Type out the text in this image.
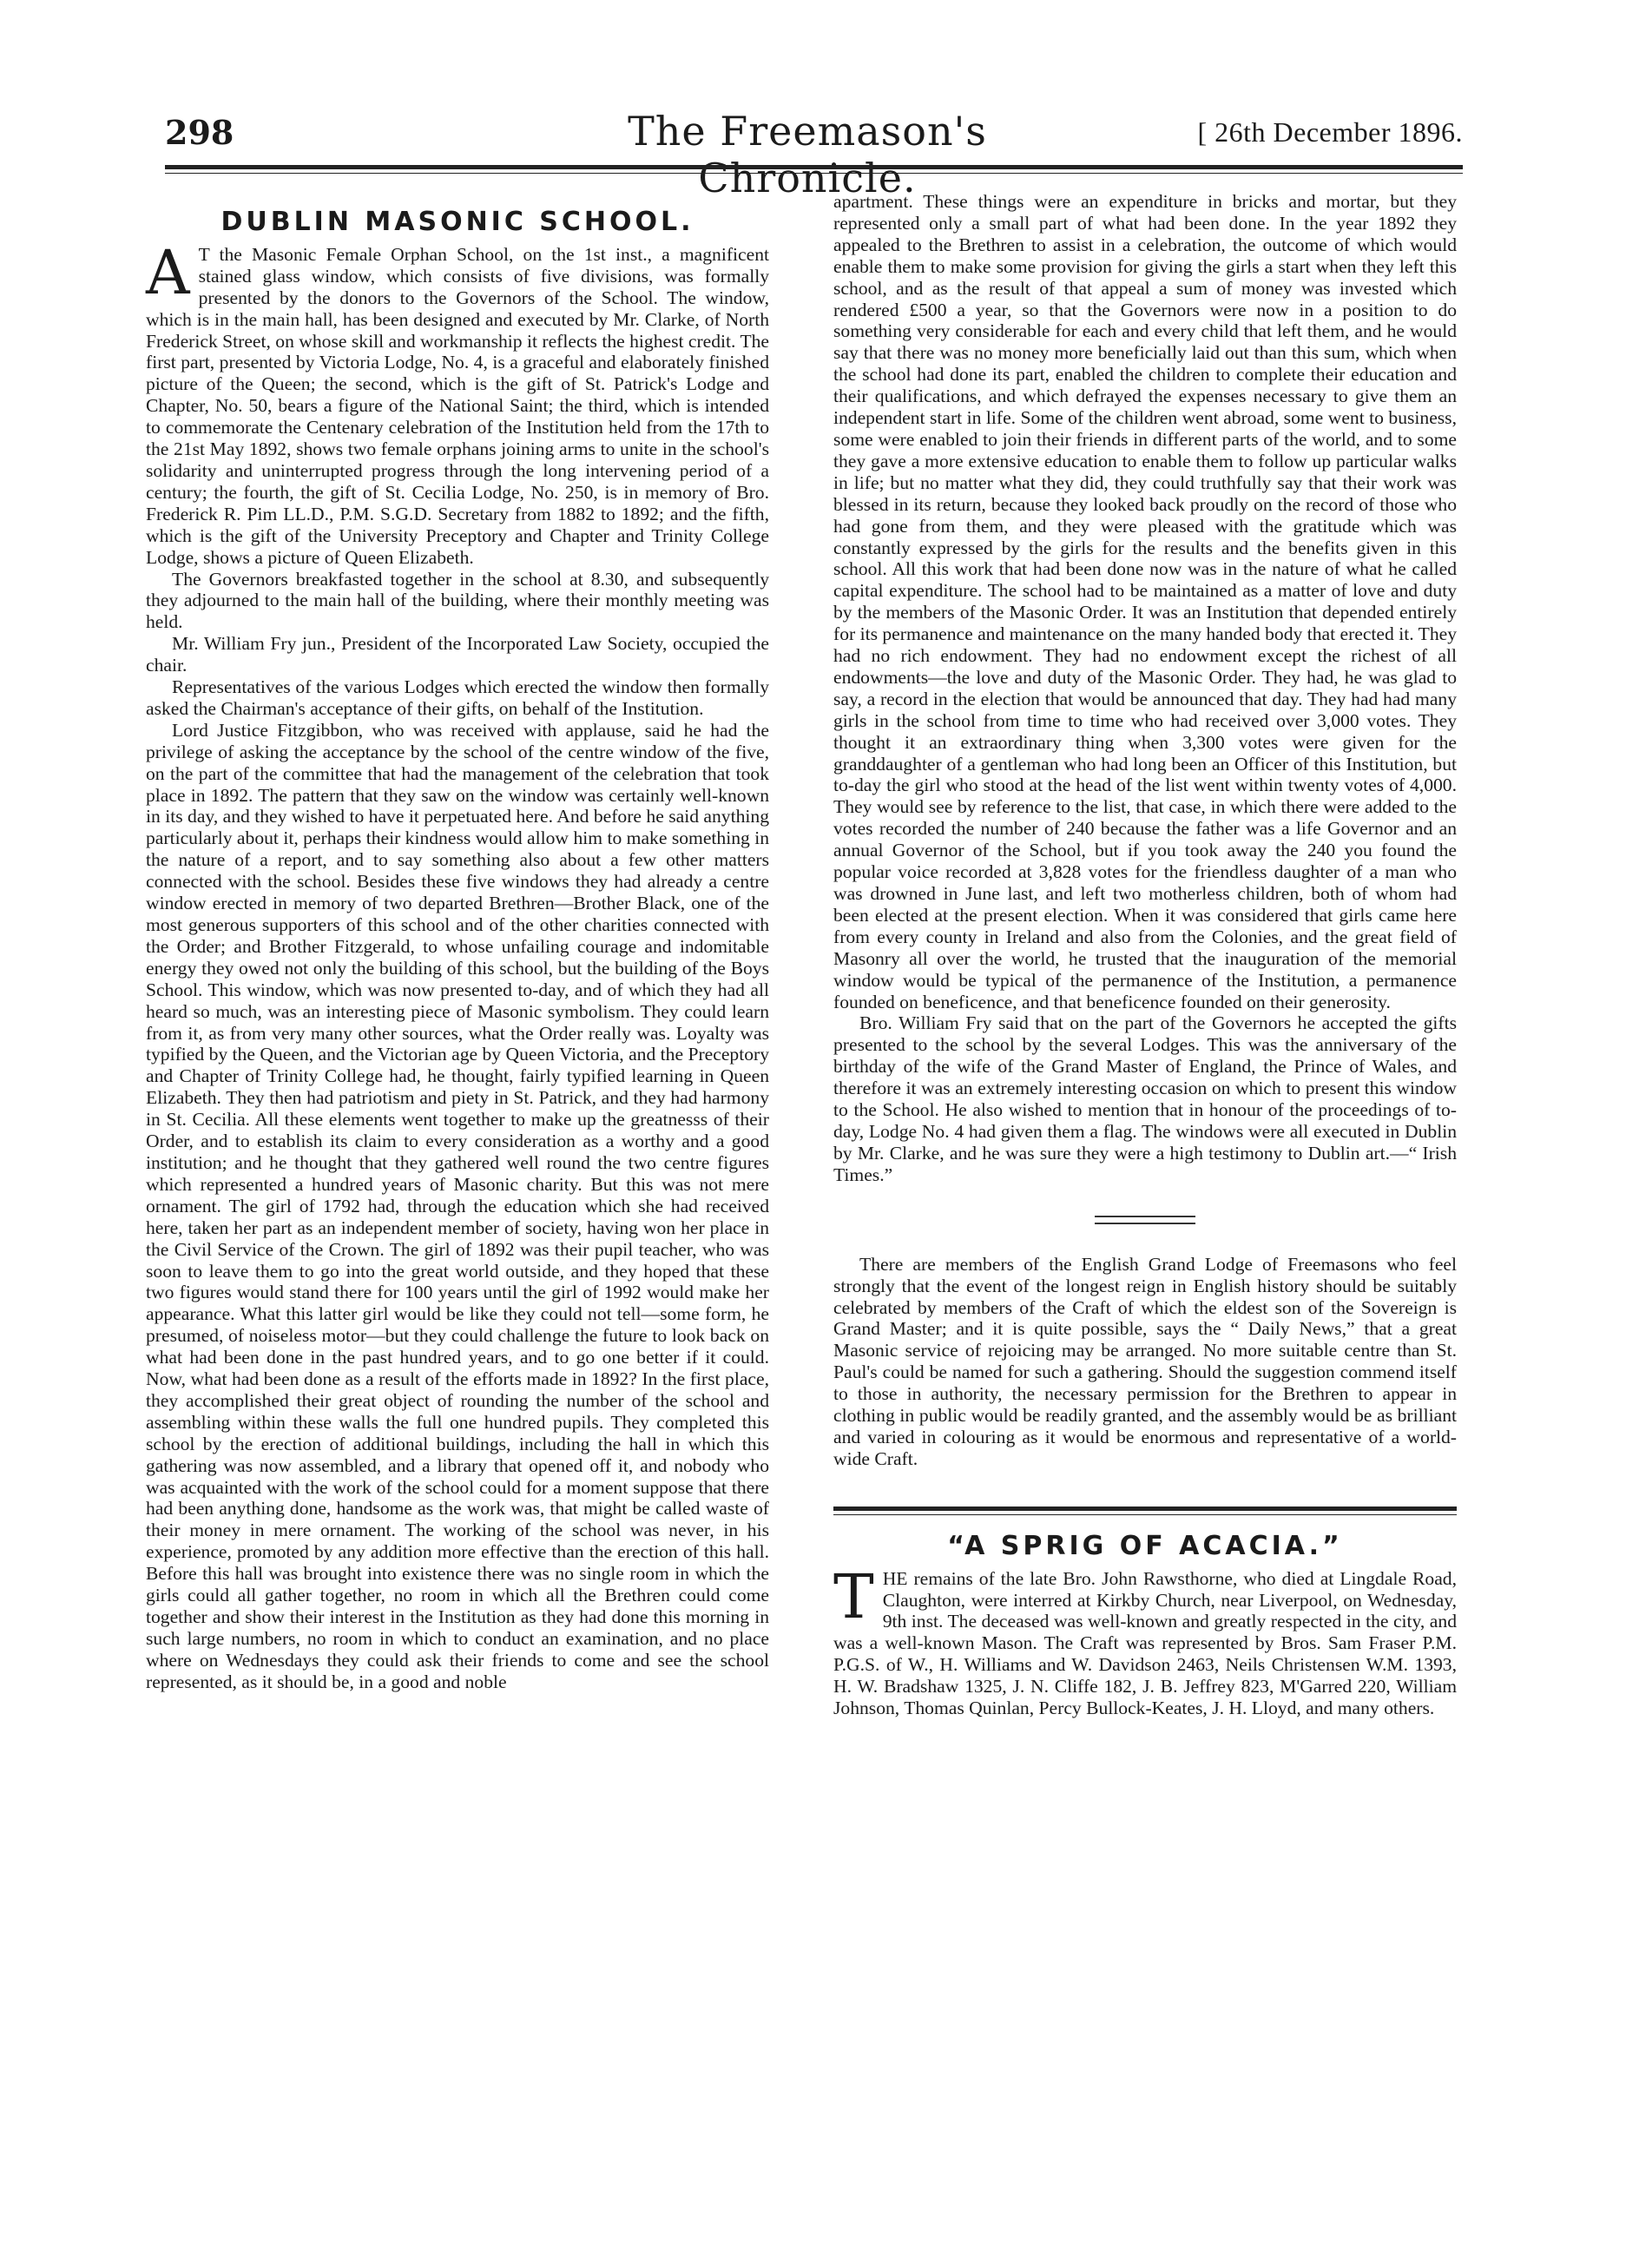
298	The Freemason's Chronicle.
[ 26th December 1896.
DUBLIN MASONIC SCHOOL.

A T the Masonic Female Orphan School, on the 1st inst., a magnificent stained glass window, which consists of five divisions, was formally presented by the donors to the Governors of the School. The window, which is in the main hall, has been designed and executed by Mr. Clarke, of North Frederick Street, on whose skill and workmanship it reflects the highest credit. The first part, presented by Victoria Lodge, No. 4, is a graceful and elaborately finished picture of the Queen; the second, which is the gift of St. Patrick's Lodge and Chapter, No. 50, bears a figure of the National Saint; the third, which is intended to commemorate the Centenary celebration of the Institution held from the 17th to the 21st May 1892, shows two female orphans joining arms to unite in the school's solidarity and uninterrupted progress through the long intervening period of a century; the fourth, the gift of St. Cecilia Lodge, No. 250, is in memory of Bro. Frederick R. Pim LL.D., P.M. S.G.D. Secretary from 1882 to 1892; and the fifth, which is the gift of the University Preceptory and Chapter and Trinity College Lodge, shows a picture of Queen Elizabeth.

The Governors breakfasted together in the school at 8.30, and subsequently they adjourned to the main hall of the building, where their monthly meeting was held.

Mr. William Fry jun., President of the Incorporated Law Society, occupied the chair.

Representatives of the various Lodges which erected the window then formally asked the Chairman's acceptance of their gifts, on behalf of the Institution.

Lord Justice Fitzgibbon, who was received with applause, said he had the privilege of asking the acceptance by the school of the centre window of the five, on the part of the committee that had the management of the celebration that took place in 1892. The pattern that they saw on the window was certainly well-known in its day, and they wished to have it perpetuated here. And before he said anything particularly about it, perhaps their kindness would allow him to make something in the nature of a report, and to say something also about a few other matters connected with the school. Besides these five windows they had already a centre window erected in memory of two departed Brethren—Brother Black, one of the most generous supporters of this school and of the other charities connected with the Order; and Brother Fitzgerald, to whose unfailing courage and indomitable energy they owed not only the building of this school, but the building of the Boys School. This window, which was now presented to-day, and of which they had all heard so much, was an interesting piece of Masonic symbolism. They could learn from it, as from very many other sources, what the Order really was. Loyalty was typified by the Queen, and the Victorian age by Queen Victoria, and the Preceptory and Chapter of Trinity College had, he thought, fairly typified learning in Queen Elizabeth. They then had patriotism and piety in St. Patrick, and they had harmony in St. Cecilia. All these elements went together to make up the greatnesss of their Order, and to establish its claim to every consideration as a worthy and a good institution; and he thought that they gathered well round the two centre figures which represented a hundred years of Masonic charity. But this was not mere ornament. The girl of 1792 had, through the education which she had received here, taken her part as an independent member of society, having won her place in the Civil Service of the Crown. The girl of 1892 was their pupil teacher, who was soon to leave them to go into the great world outside, and they hoped that these two figures would stand there for 100 years until the girl of 1992 would make her appearance. What this latter girl would be like they could not tell—some form, he presumed, of noiseless motor—but they could challenge the future to look back on what had been done in the past hundred years, and to go one better if it could. Now, what had been done as a result of the efforts made in 1892? In the first place, they accomplished their great object of rounding the number of the school and assembling within these walls the full one hundred pupils. They completed this school by the erection of additional buildings, including the hall in which this gathering was now assembled, and a library that opened off it, and nobody who was acquainted with the work of the school could for a moment suppose that there had been anything done, handsome as the work was, that might be called waste of their money in mere ornament. The working of the school was never, in his experience, promoted by any addition more effective than the erection of this hall. Before this hall was brought into existence there was no single room in which the girls could all gather together, no room in which all the Brethren could come together and show their interest in the Institution as they had done this morning in such large numbers, no room in which to conduct an examination, and no place where on Wednesdays they could ask their friends to come and see the school represented, as it should be, in a good and noble

apartment. These things were an expenditure in bricks and mortar, but they represented only a small part of what had been done. In the year 1892 they appealed to the Brethren to assist in a celebration, the outcome of which would enable them to make some provision for giving the girls a start when they left this school, and as the result of that appeal a sum of money was invested which rendered £500 a year, so that the Governors were now in a position to do something very considerable for each and every child that left them, and he would say that there was no money more beneficially laid out than this sum, which when the school had done its part, enabled the children to complete their education and their qualifications, and which defrayed the expenses necessary to give them an independent start in life. Some of the children went abroad, some went to business, some were enabled to join their friends in different parts of the world, and to some they gave a more extensive education to enable them to follow up particular walks in life; but no matter what they did, they could truthfully say that their work was blessed in its return, because they looked back proudly on the record of those who had gone from them, and they were pleased with the gratitude which was constantly expressed by the girls for the results and the benefits given in this school. All this work that had been done now was in the nature of what he called capital expenditure. The school had to be maintained as a matter of love and duty by the members of the Masonic Order. It was an Institution that depended entirely for its permanence and maintenance on the many handed body that erected it. They had no rich endowment. They had no endowment except the richest of all endowments—the love and duty of the Masonic Order. They had, he was glad to say, a record in the election that would be announced that day. They had had many girls in the school from time to time who had received over 3,000 votes. They thought it an extraordinary thing when 3,300 votes were given for the granddaughter of a gentleman who had long been an Officer of this Institution, but to-day the girl who stood at the head of the list went within twenty votes of 4,000. They would see by reference to the list, that case, in which there were added to the votes recorded the number of 240 because the father was a life Governor and an annual Governor of the School, but if you took away the 240 you found the popular voice recorded at 3,828 votes for the friendless daughter of a man who was drowned in June last, and left two motherless children, both of whom had been elected at the present election. When it was considered that girls came here from every county in Ireland and also from the Colonies, and the great field of Masonry all over the world, he trusted that the inauguration of the memorial window would be typical of the permanence of the Institution, a permanence founded on beneficence, and that beneficence founded on their generosity.

Bro. William Fry said that on the part of the Governors he accepted the gifts presented to the school by the several Lodges. This was the anniversary of the birthday of the wife of the Grand Master of England, the Prince of Wales, and therefore it was an extremely interesting occasion on which to present this window to the School. He also wished to mention that in honour of the proceedings of to-day, Lodge No. 4 had given them a flag. The windows were all executed in Dublin by Mr. Clarke, and he was sure they were a high testimony to Dublin art.—“ Irish Times.”

There are members of the English Grand Lodge of Freemasons who feel strongly that the event of the longest reign in English history should be suitably celebrated by members of the Craft of which the eldest son of the Sovereign is Grand Master; and it is quite possible, says the “ Daily News,” that a great Masonic service of rejoicing may be arranged. No more suitable centre than St. Paul's could be named for such a gathering. Should the suggestion commend itself to those in authority, the necessary permission for the Brethren to appear in clothing in public would be readily granted, and the assembly would be as brilliant and varied in colouring as it would be enormous and representative of a world-wide Craft.

“A SPRIG OF ACACIA.”

THE remains of the late Bro. John Rawsthorne, who died at Lingdale Road, Claughton, were interred at Kirkby Church, near Liverpool, on Wednesday, 9th inst. The deceased was well-known and greatly respected in the city, and was a well-known Mason. The Craft was represented by Bros. Sam Fraser P.M. P.G.S. of W., H. Williams and W. Davidson 2463, Neils Christensen W.M. 1393, H. W. Bradshaw 1325, J. N. Cliffe 182, J. B. Jeffrey 823, M'Garred 220, William Johnson, Thomas Quinlan, Percy Bullock-Keates, J. H. Lloyd, and many others.
